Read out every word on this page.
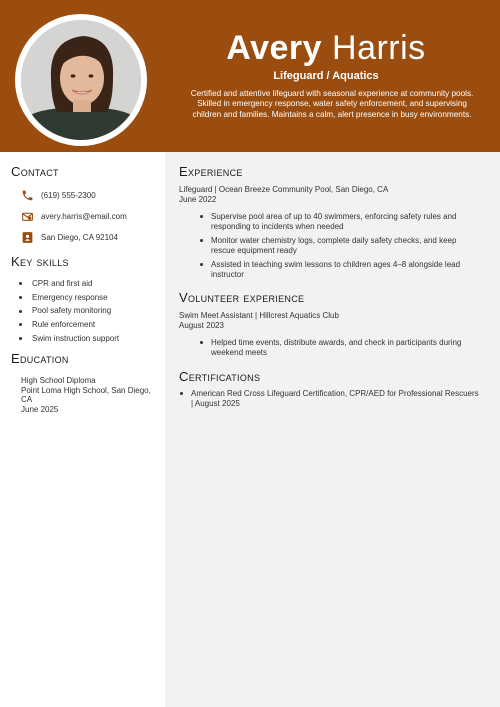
Avery Harris
Lifeguard / Aquatics
Certified and attentive lifeguard with seasonal experience at community pools. Skilled in emergency response, water safety enforcement, and supervising children and families. Maintains a calm, alert presence in busy environments.
Contact
(619) 555-2300
avery.harris@email.com
San Diego, CA 92104
Key skills
CPR and first aid
Emergency response
Pool safety monitoring
Rule enforcement
Swim instruction support
Education
High School Diploma
Point Loma High School, San Diego, CA
June 2025
Experience
Lifeguard | Ocean Breeze Community Pool, San Diego, CA
June 2022
Supervise pool area of up to 40 swimmers, enforcing safety rules and responding to incidents when needed
Monitor water chemistry logs, complete daily safety checks, and keep rescue equipment ready
Assisted in teaching swim lessons to children ages 4–8 alongside lead instructor
Volunteer experience
Swim Meet Assistant | Hillcrest Aquatics Club
August 2023
Helped time events, distribute awards, and check in participants during weekend meets
Certifications
American Red Cross Lifeguard Certification, CPR/AED for Professional Rescuers | August 2025
